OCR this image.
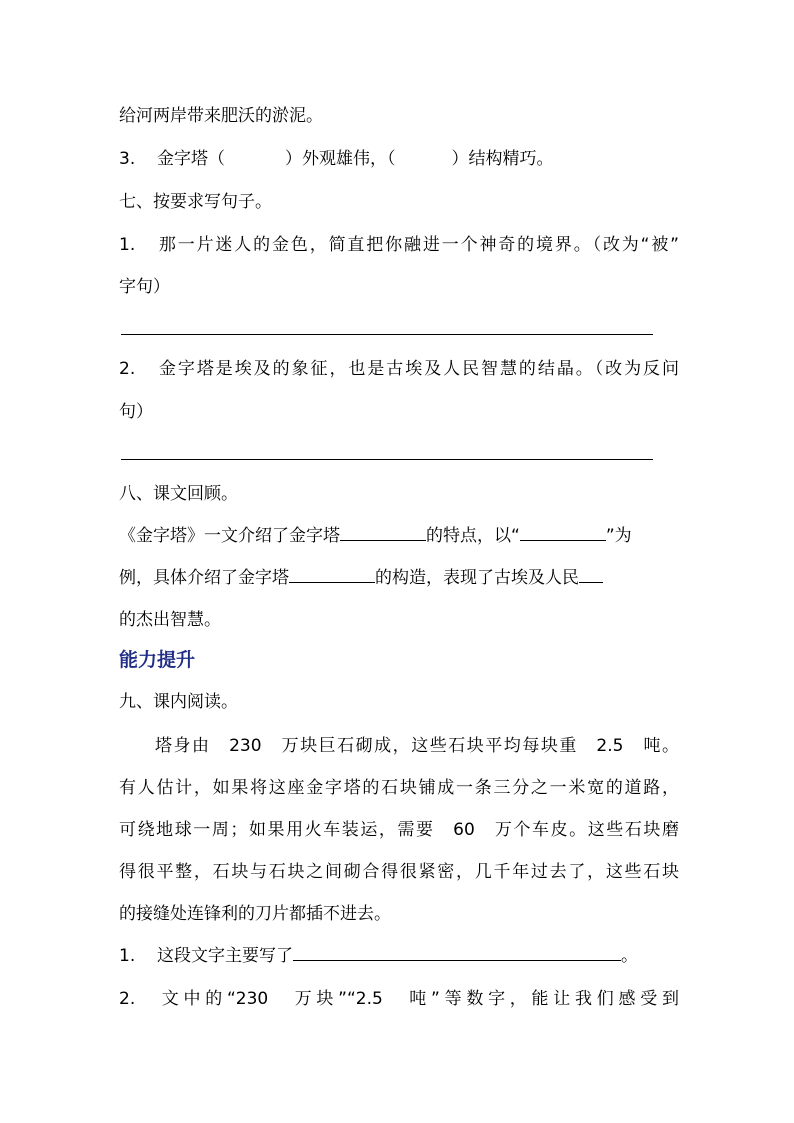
给河两岸带来肥沃的淤泥。
3. 金字塔（	）外观雄伟，（	）结构精巧。
七、按要求写句子。
1. 那一片迷人的金色，简直把你融进一个神奇的境界。（改为“被”
字句）
2. 金字塔是埃及的象征，也是古埃及人民智慧的结晶。（改为反问
句）
八、课文回顾。
《金字塔》一文介绍了金字塔	的特点，以“	”为
例，具体介绍了金字塔	的构造，表现了古埃及人民
的杰出智慧。
能力提升
九、课内阅读。
塔身由　230　万块巨石砌成，这些石块平均每块重　2.5　吨。
有人估计，如果将这座金字塔的石块铺成一条三分之一米宽的道路，
可绕地球一周；如果用火车装运，需要　60　万个车皮。这些石块磨
得很平整，石块与石块之间砌合得很紧密，几千年过去了，这些石块
的接缝处连锋利的刀片都插不进去。
1. 这段文字主要写了	。
2. 文中的“230　万块”“2.5　吨”等数字，能让我们感受到
